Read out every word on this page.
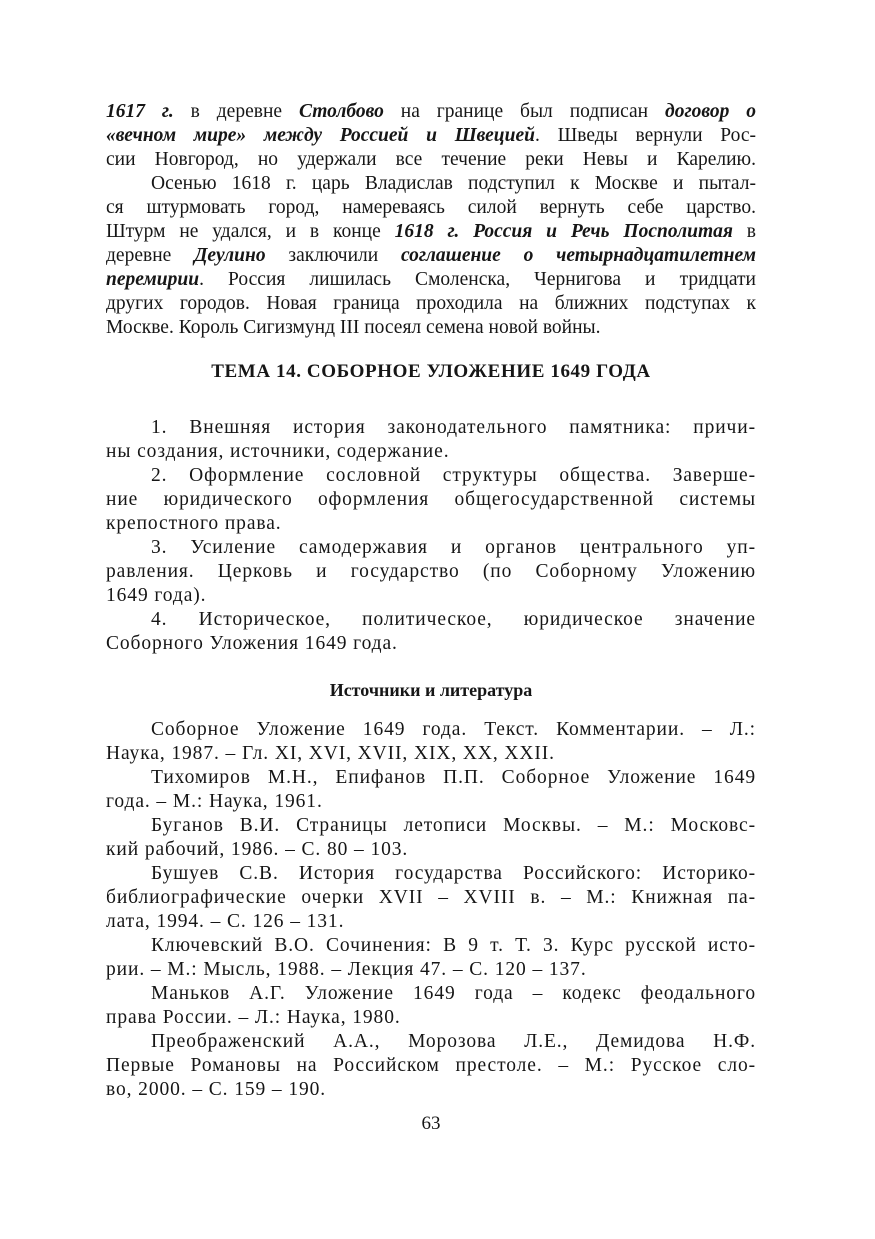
1617 г. в деревне Столбово на границе был подписан договор о
«вечном мире» между Россией и Швецией. Шведы вернули Рос-
сии Новгород, но удержали все течение реки Невы и Карелию.
Осенью 1618 г. царь Владислав подступил к Москве и пытал-
ся штурмовать город, намереваясь силой вернуть себе царство.
Штурм не удался, и в конце 1618 г. Россия и Речь Посполитая в
деревне Деулино заключили соглашение о четырнадцатилетнем
перемирии. Россия лишилась Смоленска, Чернигова и тридцати
других городов. Новая граница проходила на ближних подступах к
Москве. Король Сигизмунд III посеял семена новой войны.
ТЕМА 14. СОБОРНОЕ УЛОЖЕНИЕ 1649 ГОДА
1. Внешняя история законодательного памятника: причи-
ны создания, источники, содержание.
2. Оформление сословной структуры общества. Заверше-
ние юридического оформления общегосударственной системы
крепостного права.
3. Усиление самодержавия и органов центрального уп-
равления. Церковь и государство (по Соборному Уложению
1649 года).
4. Историческое, политическое, юридическое значение
Соборного Уложения 1649 года.
Источники и литература
Соборное Уложение 1649 года. Текст. Комментарии. – Л.:
Наука, 1987. – Гл. XI, XVI, XVII, XIX, XX, XXII.
Тихомиров М.Н., Епифанов П.П. Соборное Уложение 1649
года. – М.: Наука, 1961.
Буганов В.И. Страницы летописи Москвы. – М.: Московс-
кий рабочий, 1986. – С. 80 – 103.
Бушуев С.В. История государства Российского: Историко-
библиографические очерки XVII – XVIII в. – М.: Книжная па-
лата, 1994. – С. 126 – 131.
Ключевский В.О. Сочинения: В 9 т. Т. 3. Курс русской исто-
рии. – М.: Мысль, 1988. – Лекция 47. – С. 120 – 137.
Маньков А.Г. Уложение 1649 года – кодекс феодального
права России. – Л.: Наука, 1980.
Преображенский А.А., Морозова Л.Е., Демидова Н.Ф.
Первые Романовы на Российском престоле. – М.: Русское сло-
во, 2000. – С. 159 – 190.
63
